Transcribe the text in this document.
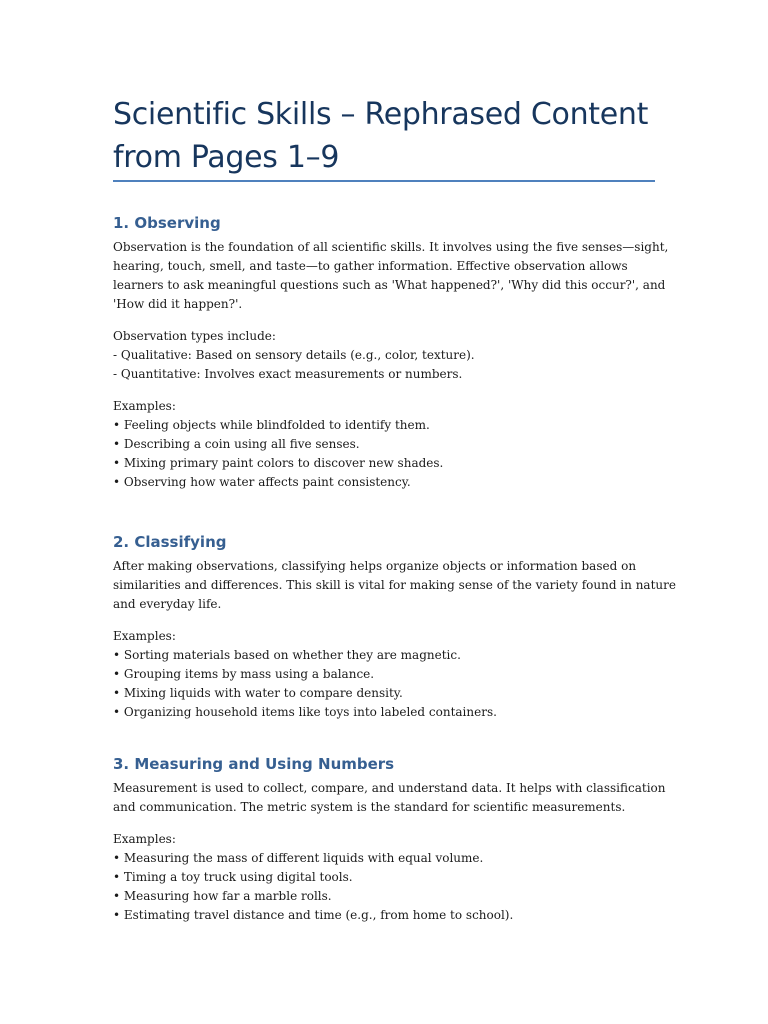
Scientific Skills – Rephrased Content
from Pages 1–9
1. Observing
Observation is the foundation of all scientific skills. It involves using the five senses—sight,
hearing, touch, smell, and taste—to gather information. Effective observation allows
learners to ask meaningful questions such as 'What happened?', 'Why did this occur?', and
'How did it happen?'.
Observation types include:
- Qualitative: Based on sensory details (e.g., color, texture).
- Quantitative: Involves exact measurements or numbers.
Examples:
• Feeling objects while blindfolded to identify them.
• Describing a coin using all five senses.
• Mixing primary paint colors to discover new shades.
• Observing how water affects paint consistency.
2. Classifying
After making observations, classifying helps organize objects or information based on
similarities and differences. This skill is vital for making sense of the variety found in nature
and everyday life.
Examples:
• Sorting materials based on whether they are magnetic.
• Grouping items by mass using a balance.
• Mixing liquids with water to compare density.
• Organizing household items like toys into labeled containers.
3. Measuring and Using Numbers
Measurement is used to collect, compare, and understand data. It helps with classification
and communication. The metric system is the standard for scientific measurements.
Examples:
• Measuring the mass of different liquids with equal volume.
• Timing a toy truck using digital tools.
• Measuring how far a marble rolls.
• Estimating travel distance and time (e.g., from home to school).
